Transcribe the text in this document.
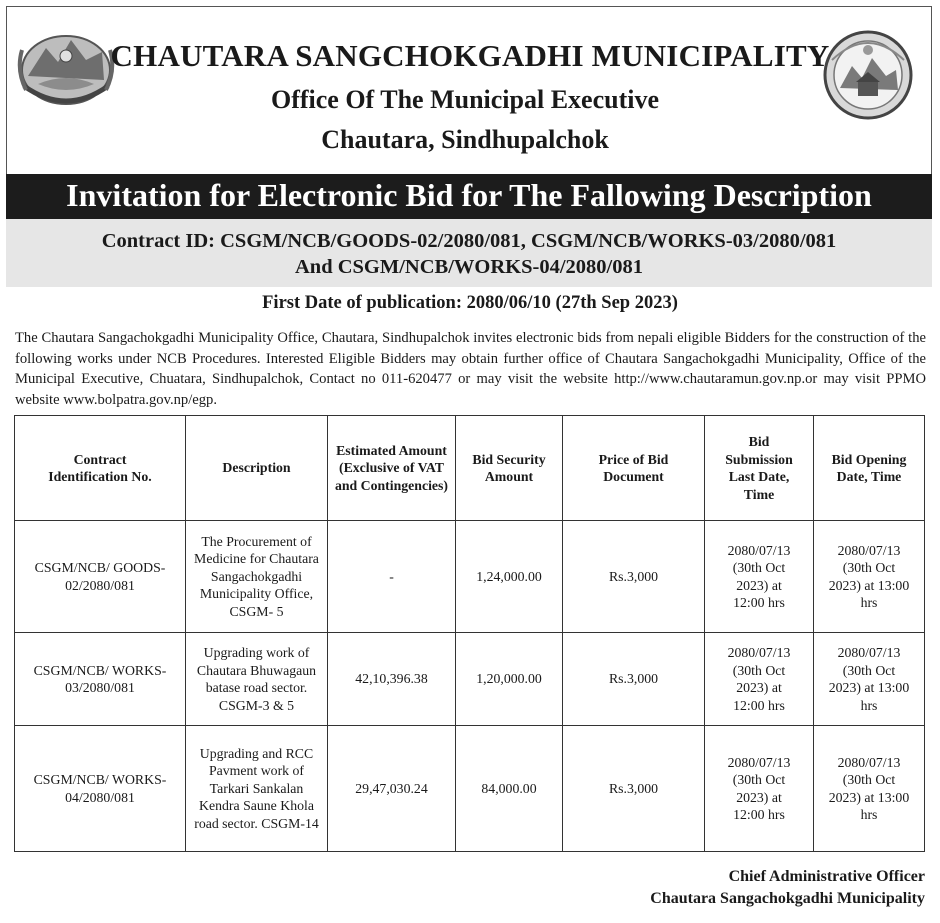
CHAUTARA SANGCHOKGADHI MUNICIPALITY
Office Of The Municipal Executive
Chautara, Sindhupalchok
Invitation for Electronic Bid for The Fallowing Description
Contract ID: CSGM/NCB/GOODS-02/2080/081, CSGM/NCB/WORKS-03/2080/081
And CSGM/NCB/WORKS-04/2080/081
First Date of publication: 2080/06/10 (27th Sep 2023)
The Chautara Sangachokgadhi Municipality Office, Chautara, Sindhupalchok invites electronic bids from nepali eligible Bidders for the construction of the following works under NCB Procedures. Interested Eligible Bidders may obtain further office of Chautara Sangachokgadhi Municipality, Office of the Municipal Executive, Chuatara, Sindhupalchok, Contact no 011-620477 or may visit the website http://www.chautaramun.gov.np.or may visit PPMO website www.bolpatra.gov.np/egp.
Contract Identification No.	Description	Estimated Amount (Exclusive of VAT and Contingencies)	Bid Security Amount	Price of Bid Document	Bid Submission Last Date, Time	Bid Opening Date, Time
CSGM/NCB/ GOODS-02/2080/081	The Procurement of Medicine for Chautara Sangachokgadhi Municipality Office, CSGM- 5	-	1,24,000.00	Rs.3,000	2080/07/13 (30th Oct 2023) at 12:00 hrs	2080/07/13 (30th Oct 2023) at 13:00 hrs
CSGM/NCB/ WORKS-03/2080/081	Upgrading work of Chautara Bhuwagaun batase road sector. CSGM-3 & 5	42,10,396.38	1,20,000.00	Rs.3,000	2080/07/13 (30th Oct 2023) at 12:00 hrs	2080/07/13 (30th Oct 2023) at 13:00 hrs
CSGM/NCB/ WORKS-04/2080/081	Upgrading and RCC Pavment work of Tarkari Sankalan Kendra Saune Khola road sector. CSGM-14	29,47,030.24	84,000.00	Rs.3,000	2080/07/13 (30th Oct 2023) at 12:00 hrs	2080/07/13 (30th Oct 2023) at 13:00 hrs
Chief Administrative Officer
Chautara Sangachokgadhi Municipality
